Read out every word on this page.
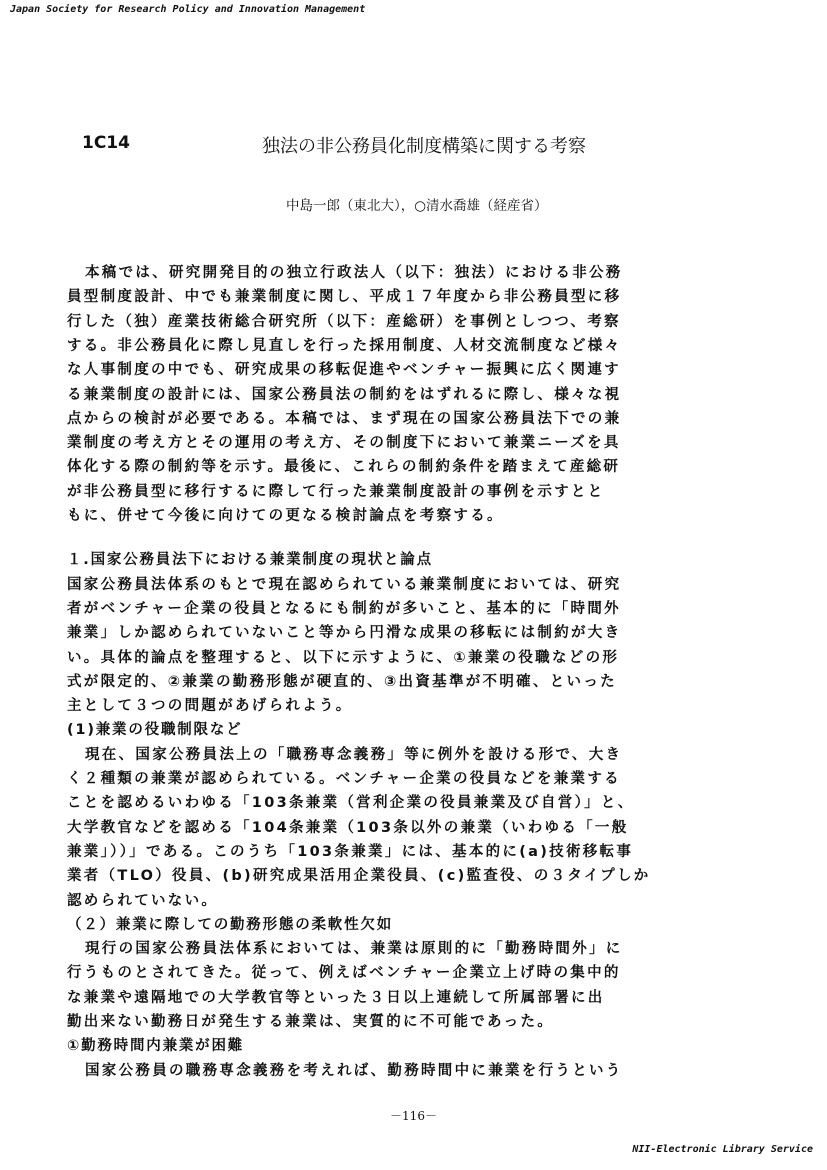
Japan Society for Research Policy and Innovation Management
1C14	独法の非公務員化制度構築に関する考察
中島一郎（東北大），○清水喬雄（経産省）
本稿では、研究開発目的の独立行政法人（以下：独法）における非公務
員型制度設計、中でも兼業制度に関し、平成１７年度から非公務員型に移
行した（独）産業技術総合研究所（以下：産総研）を事例としつつ、考察
する。非公務員化に際し見直しを行った採用制度、人材交流制度など様々
な人事制度の中でも、研究成果の移転促進やベンチャー振興に広く関連す
る兼業制度の設計には、国家公務員法の制約をはずれるに際し、様々な視
点からの検討が必要である。本稿では、まず現在の国家公務員法下での兼
業制度の考え方とその運用の考え方、その制度下において兼業ニーズを具
体化する際の制約等を示す。最後に、これらの制約条件を踏まえて産総研
が非公務員型に移行するに際して行った兼業制度設計の事例を示すとと
もに、併せて今後に向けての更なる検討論点を考察する。
１.国家公務員法下における兼業制度の現状と論点
国家公務員法体系のもとで現在認められている兼業制度においては、研究
者がベンチャー企業の役員となるにも制約が多いこと、基本的に「時間外
兼業」しか認められていないこと等から円滑な成果の移転には制約が大き
い。具体的論点を整理すると、以下に示すように、①兼業の役職などの形
式が限定的、②兼業の勤務形態が硬直的、③出資基準が不明確、といった
主として３つの問題があげられよう。
(1)兼業の役職制限など
現在、国家公務員法上の「職務専念義務」等に例外を設ける形で、大き
く２種類の兼業が認められている。ベンチャー企業の役員などを兼業する
ことを認めるいわゆる「103条兼業（営利企業の役員兼業及び自営）」と、
大学教官などを認める「104条兼業（103条以外の兼業（いわゆる「一般
兼業」））」である。このうち「103条兼業」には、基本的に(a)技術移転事
業者（TLO）役員、(b)研究成果活用企業役員、(c)監査役、の３タイプしか
認められていない。
（２）兼業に際しての勤務形態の柔軟性欠如
現行の国家公務員法体系においては、兼業は原則的に「勤務時間外」に
行うものとされてきた。従って、例えばベンチャー企業立上げ時の集中的
な兼業や遠隔地での大学教官等といった３日以上連続して所属部署に出
勤出来ない勤務日が発生する兼業は、実質的に不可能であった。
①勤務時間内兼業が困難
国家公務員の職務専念義務を考えれば、勤務時間中に兼業を行うという
－116－
NII-Electronic Library Service
